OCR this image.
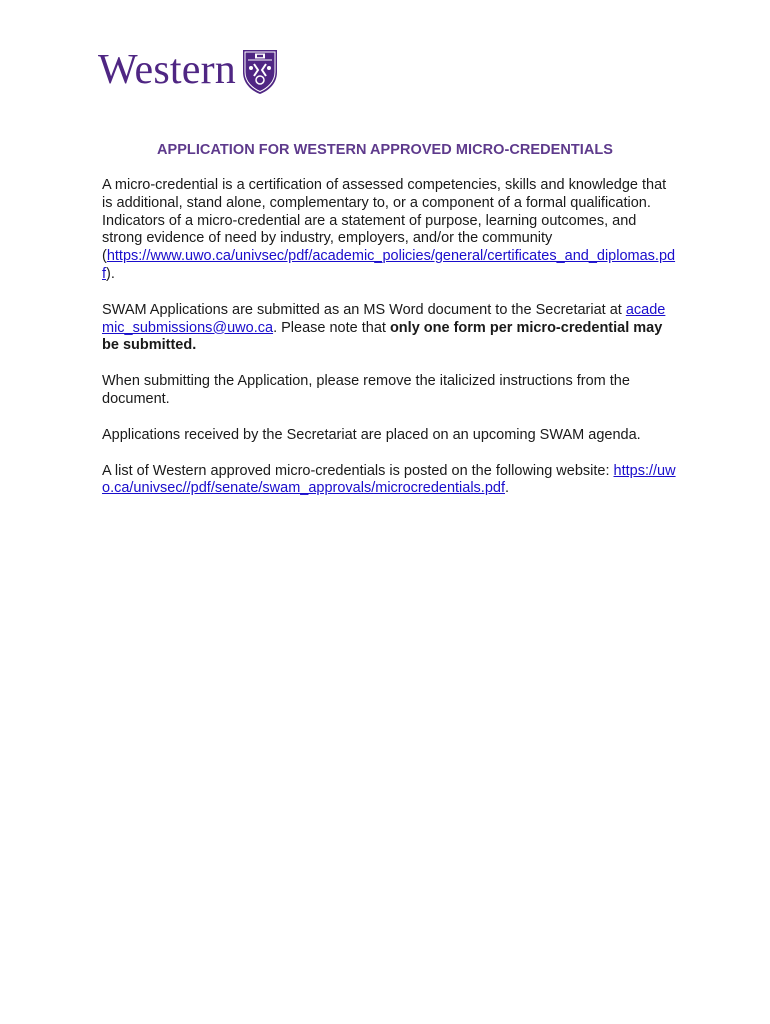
Western
APPLICATION FOR WESTERN APPROVED MICRO-CREDENTIALS

A micro-credential is a certification of assessed competencies, skills and knowledge that is additional, stand alone, complementary to, or a component of a formal qualification. Indicators of a micro-credential are a statement of purpose, learning outcomes, and strong evidence of need by industry, employers, and/or the community
(https://www.uwo.ca/univsec/pdf/academic_policies/general/certificates_and_diplomas.pdf).

SWAM Applications are submitted as an MS Word document to the Secretariat at academic_submissions@uwo.ca. Please note that only one form per micro-credential may be submitted.

When submitting the Application, please remove the italicized instructions from the document.

Applications received by the Secretariat are placed on an upcoming SWAM agenda.

A list of Western approved micro-credentials is posted on the following website: https://uwo.ca/univsec//pdf/senate/swam_approvals/microcredentials.pdf.
